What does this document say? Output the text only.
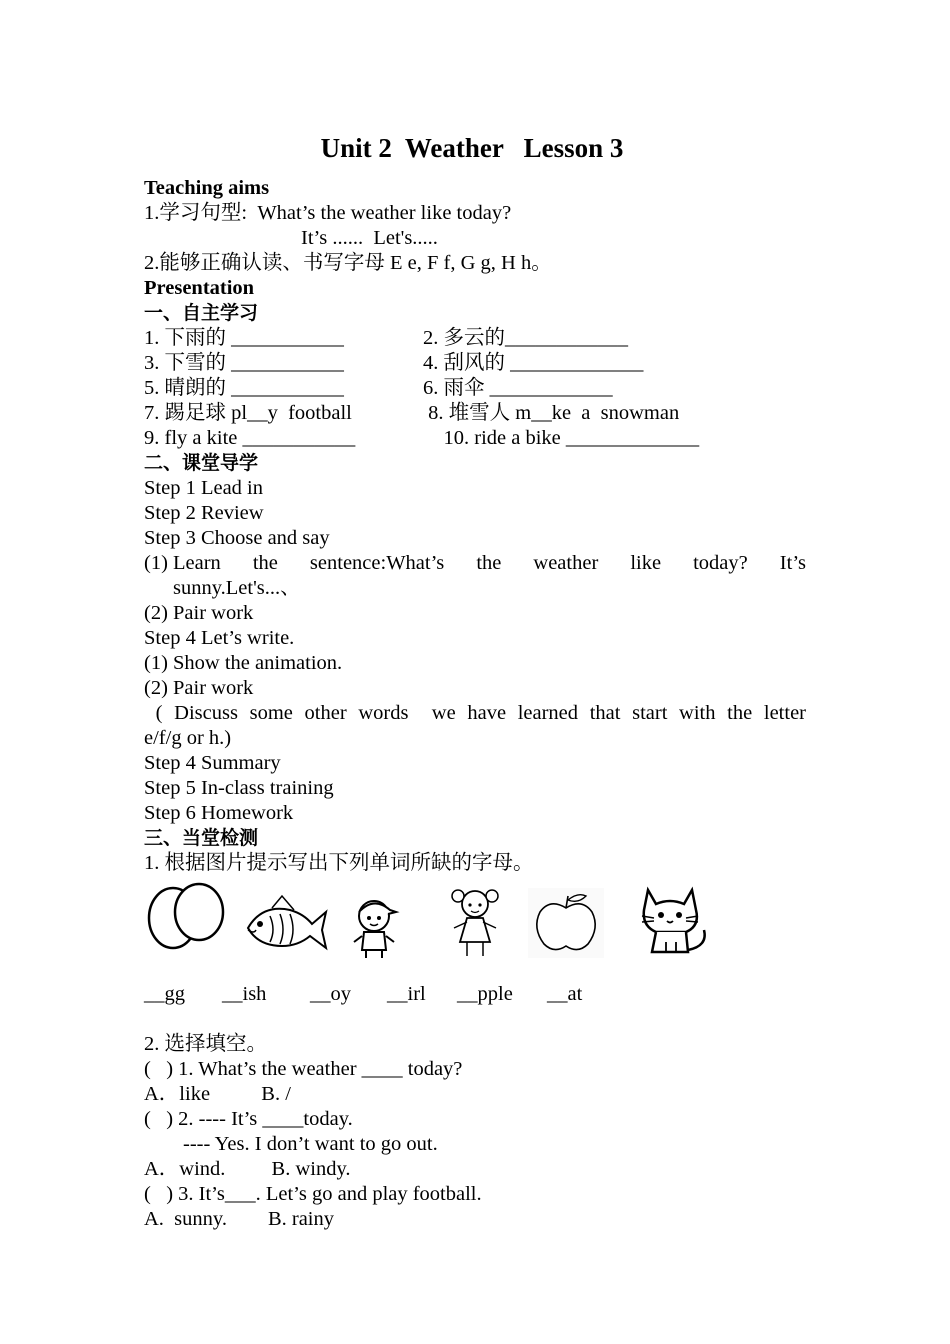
Unit 2  Weather   Lesson 3
Teaching aims
1.学习句型:  What’s the weather like today?
It’s ......  Let's.....
2.能够正确认读、书写字母 E e, F f, G g, H h。
Presentation
一、自主学习
1. 下雨的 ___________	2. 多云的____________
3. 下雪的 ___________	4. 刮风的 _____________
5. 晴朗的 ___________	6. 雨伞 ____________
7. 踢足球 pl__y  football	8. 堆雪人 m__ke  a  snowman
9. fly a kite ___________	10. ride a bike _____________
二、课堂导学
Step 1 Lead in
Step 2 Review
Step 3 Choose and say
(1) Learn the sentence:What’s the weather like today? It’s
sunny.Let's...、
(2) Pair work
Step 4 Let’s write.
(1) Show the animation.
(2) Pair work
( Discuss some other words  we have learned that start with the letter
e/f/g or h.)
Step 4 Summary
Step 5 In-class training
Step 6 Homework
三、当堂检测
1. 根据图片提示写出下列单词所缺的字母。
__gg	__ish	__oy	__irl	__pple	__at
2. 选择填空。
(   ) 1. What’s the weather ____ today?
A．like          B. /
(   ) 2. ---- It’s ____today.
---- Yes. I don’t want to go out.
A．wind.         B. windy.
(   ) 3. It’s___. Let’s go and play football.
A.  sunny.        B. rainy
